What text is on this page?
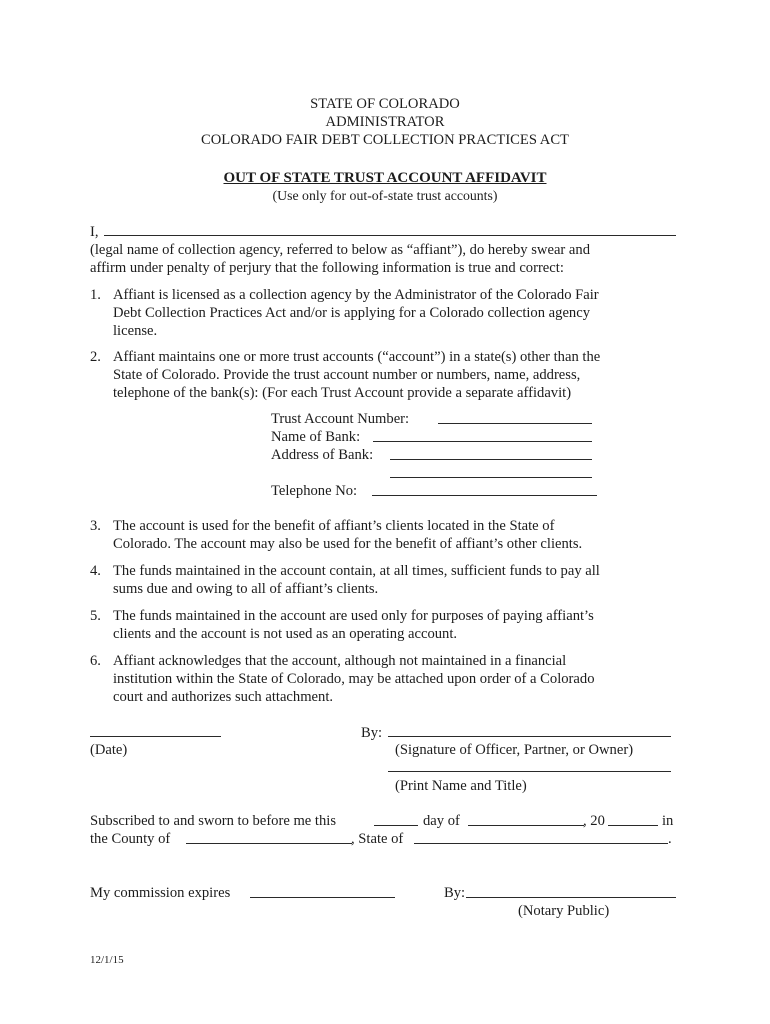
STATE OF COLORADO
ADMINISTRATOR
COLORADO FAIR DEBT COLLECTION PRACTICES ACT
OUT OF STATE TRUST ACCOUNT AFFIDAVIT
(Use only for out-of-state trust accounts)
I,
(legal name of collection agency, referred to below as “affiant”), do hereby swear and
affirm under penalty of perjury that the following information is true and correct:
1. Affiant is licensed as a collection agency by the Administrator of the Colorado Fair
Debt Collection Practices Act and/or is applying for a Colorado collection agency
license.
2. Affiant maintains one or more trust accounts (“account”) in a state(s) other than the
State of Colorado. Provide the trust account number or numbers, name, address,
telephone of the bank(s): (For each Trust Account provide a separate affidavit)
Trust Account Number:
Name of Bank:
Address of Bank:
Telephone No:
3. The account is used for the benefit of affiant’s clients located in the State of
Colorado. The account may also be used for the benefit of affiant’s other clients.
4. The funds maintained in the account contain, at all times, sufficient funds to pay all
sums due and owing to all of affiant’s clients.
5. The funds maintained in the account are used only for purposes of paying affiant’s
clients and the account is not used as an operating account.
6. Affiant acknowledges that the account, although not maintained in a financial
institution within the State of Colorado, may be attached upon order of a Colorado
court and authorizes such attachment.
By:
(Date)	(Signature of Officer, Partner, or Owner)
(Print Name and Title)
Subscribed to and sworn to before me this	day of	, 20	in
the County of	, State of	.
My commission expires	By:
(Notary Public)
12/1/15
